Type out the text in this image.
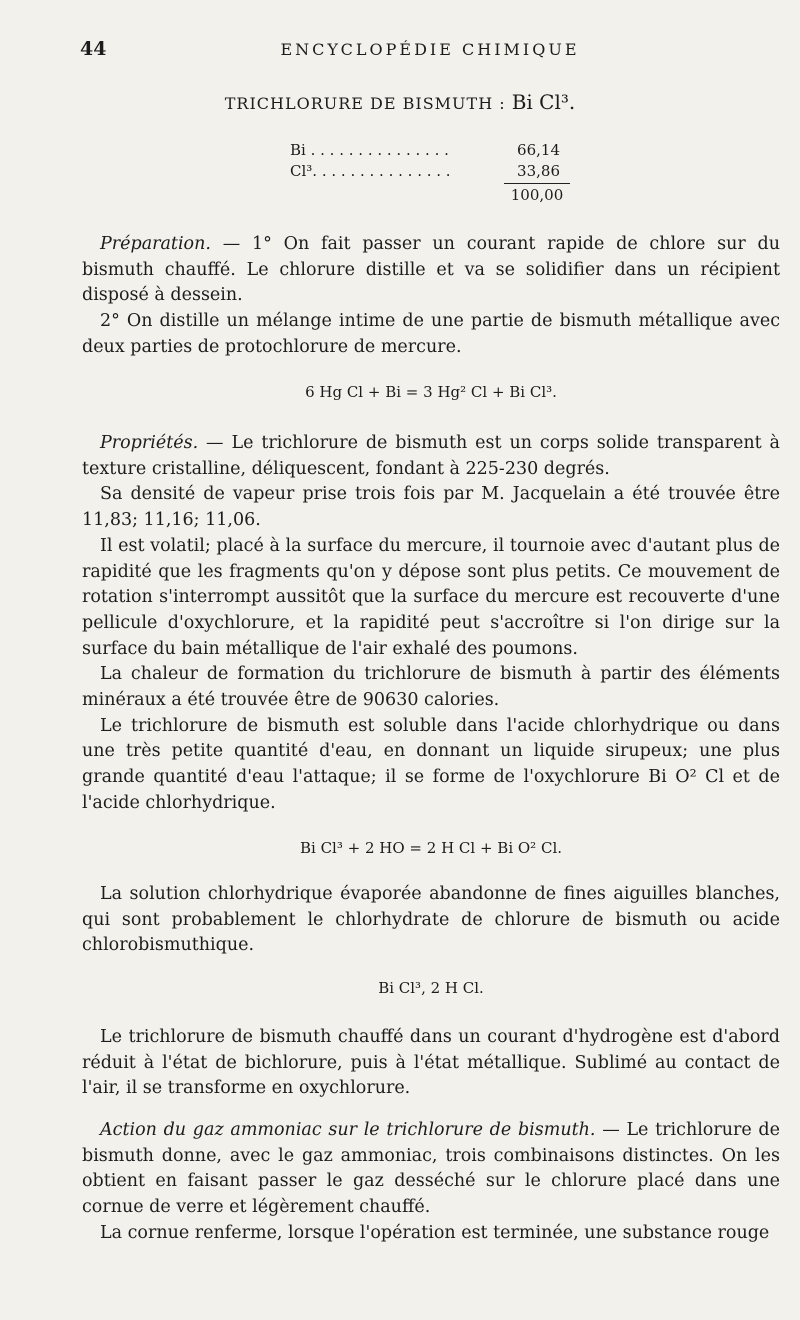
44	ENCYCLOPÉDIE CHIMIQUE
TRICHLORURE DE BISMUTH : Bi Cl³.
Bi . . . . . . . . . . . . . . .	66,14
Cl³. . . . . . . . . . . . . . .	33,86
100,00

Préparation. — 1° On fait passer un courant rapide de chlore sur du bismuth chauffé. Le chlorure distille et va se solidifier dans un récipient disposé à dessein.

2° On distille un mélange intime de une partie de bismuth métallique avec deux parties de protochlorure de mercure.

6 Hg Cl + Bi = 3 Hg² Cl + Bi Cl³.

Propriétés. — Le trichlorure de bismuth est un corps solide transparent à texture cristalline, déliquescent, fondant à 225-230 degrés.

Sa densité de vapeur prise trois fois par M. Jacquelain a été trouvée être 11,83; 11,16; 11,06.

Il est volatil; placé à la surface du mercure, il tournoie avec d'autant plus de rapidité que les fragments qu'on y dépose sont plus petits. Ce mouvement de rotation s'interrompt aussitôt que la surface du mercure est recouverte d'une pellicule d'oxychlorure, et la rapidité peut s'accroître si l'on dirige sur la surface du bain métallique de l'air exhalé des poumons.

La chaleur de formation du trichlorure de bismuth à partir des éléments minéraux a été trouvée être de 90630 calories.

Le trichlorure de bismuth est soluble dans l'acide chlorhydrique ou dans une très petite quantité d'eau, en donnant un liquide sirupeux; une plus grande quantité d'eau l'attaque; il se forme de l'oxychlorure Bi O² Cl et de l'acide chlorhydrique.

Bi Cl³ + 2 HO = 2 H Cl + Bi O² Cl.

La solution chlorhydrique évaporée abandonne de fines aiguilles blanches, qui sont probablement le chlorhydrate de chlorure de bismuth ou acide chlorobismuthique.

Bi Cl³, 2 H Cl.

Le trichlorure de bismuth chauffé dans un courant d'hydrogène est d'abord réduit à l'état de bichlorure, puis à l'état métallique. Sublimé au contact de l'air, il se transforme en oxychlorure.

Action du gaz ammoniac sur le trichlorure de bismuth. — Le trichlorure de bismuth donne, avec le gaz ammoniac, trois combinaisons distinctes. On les obtient en faisant passer le gaz desséché sur le chlorure placé dans une cornue de verre et légèrement chauffé.

La cornue renferme, lorsque l'opération est terminée, une substance rouge
